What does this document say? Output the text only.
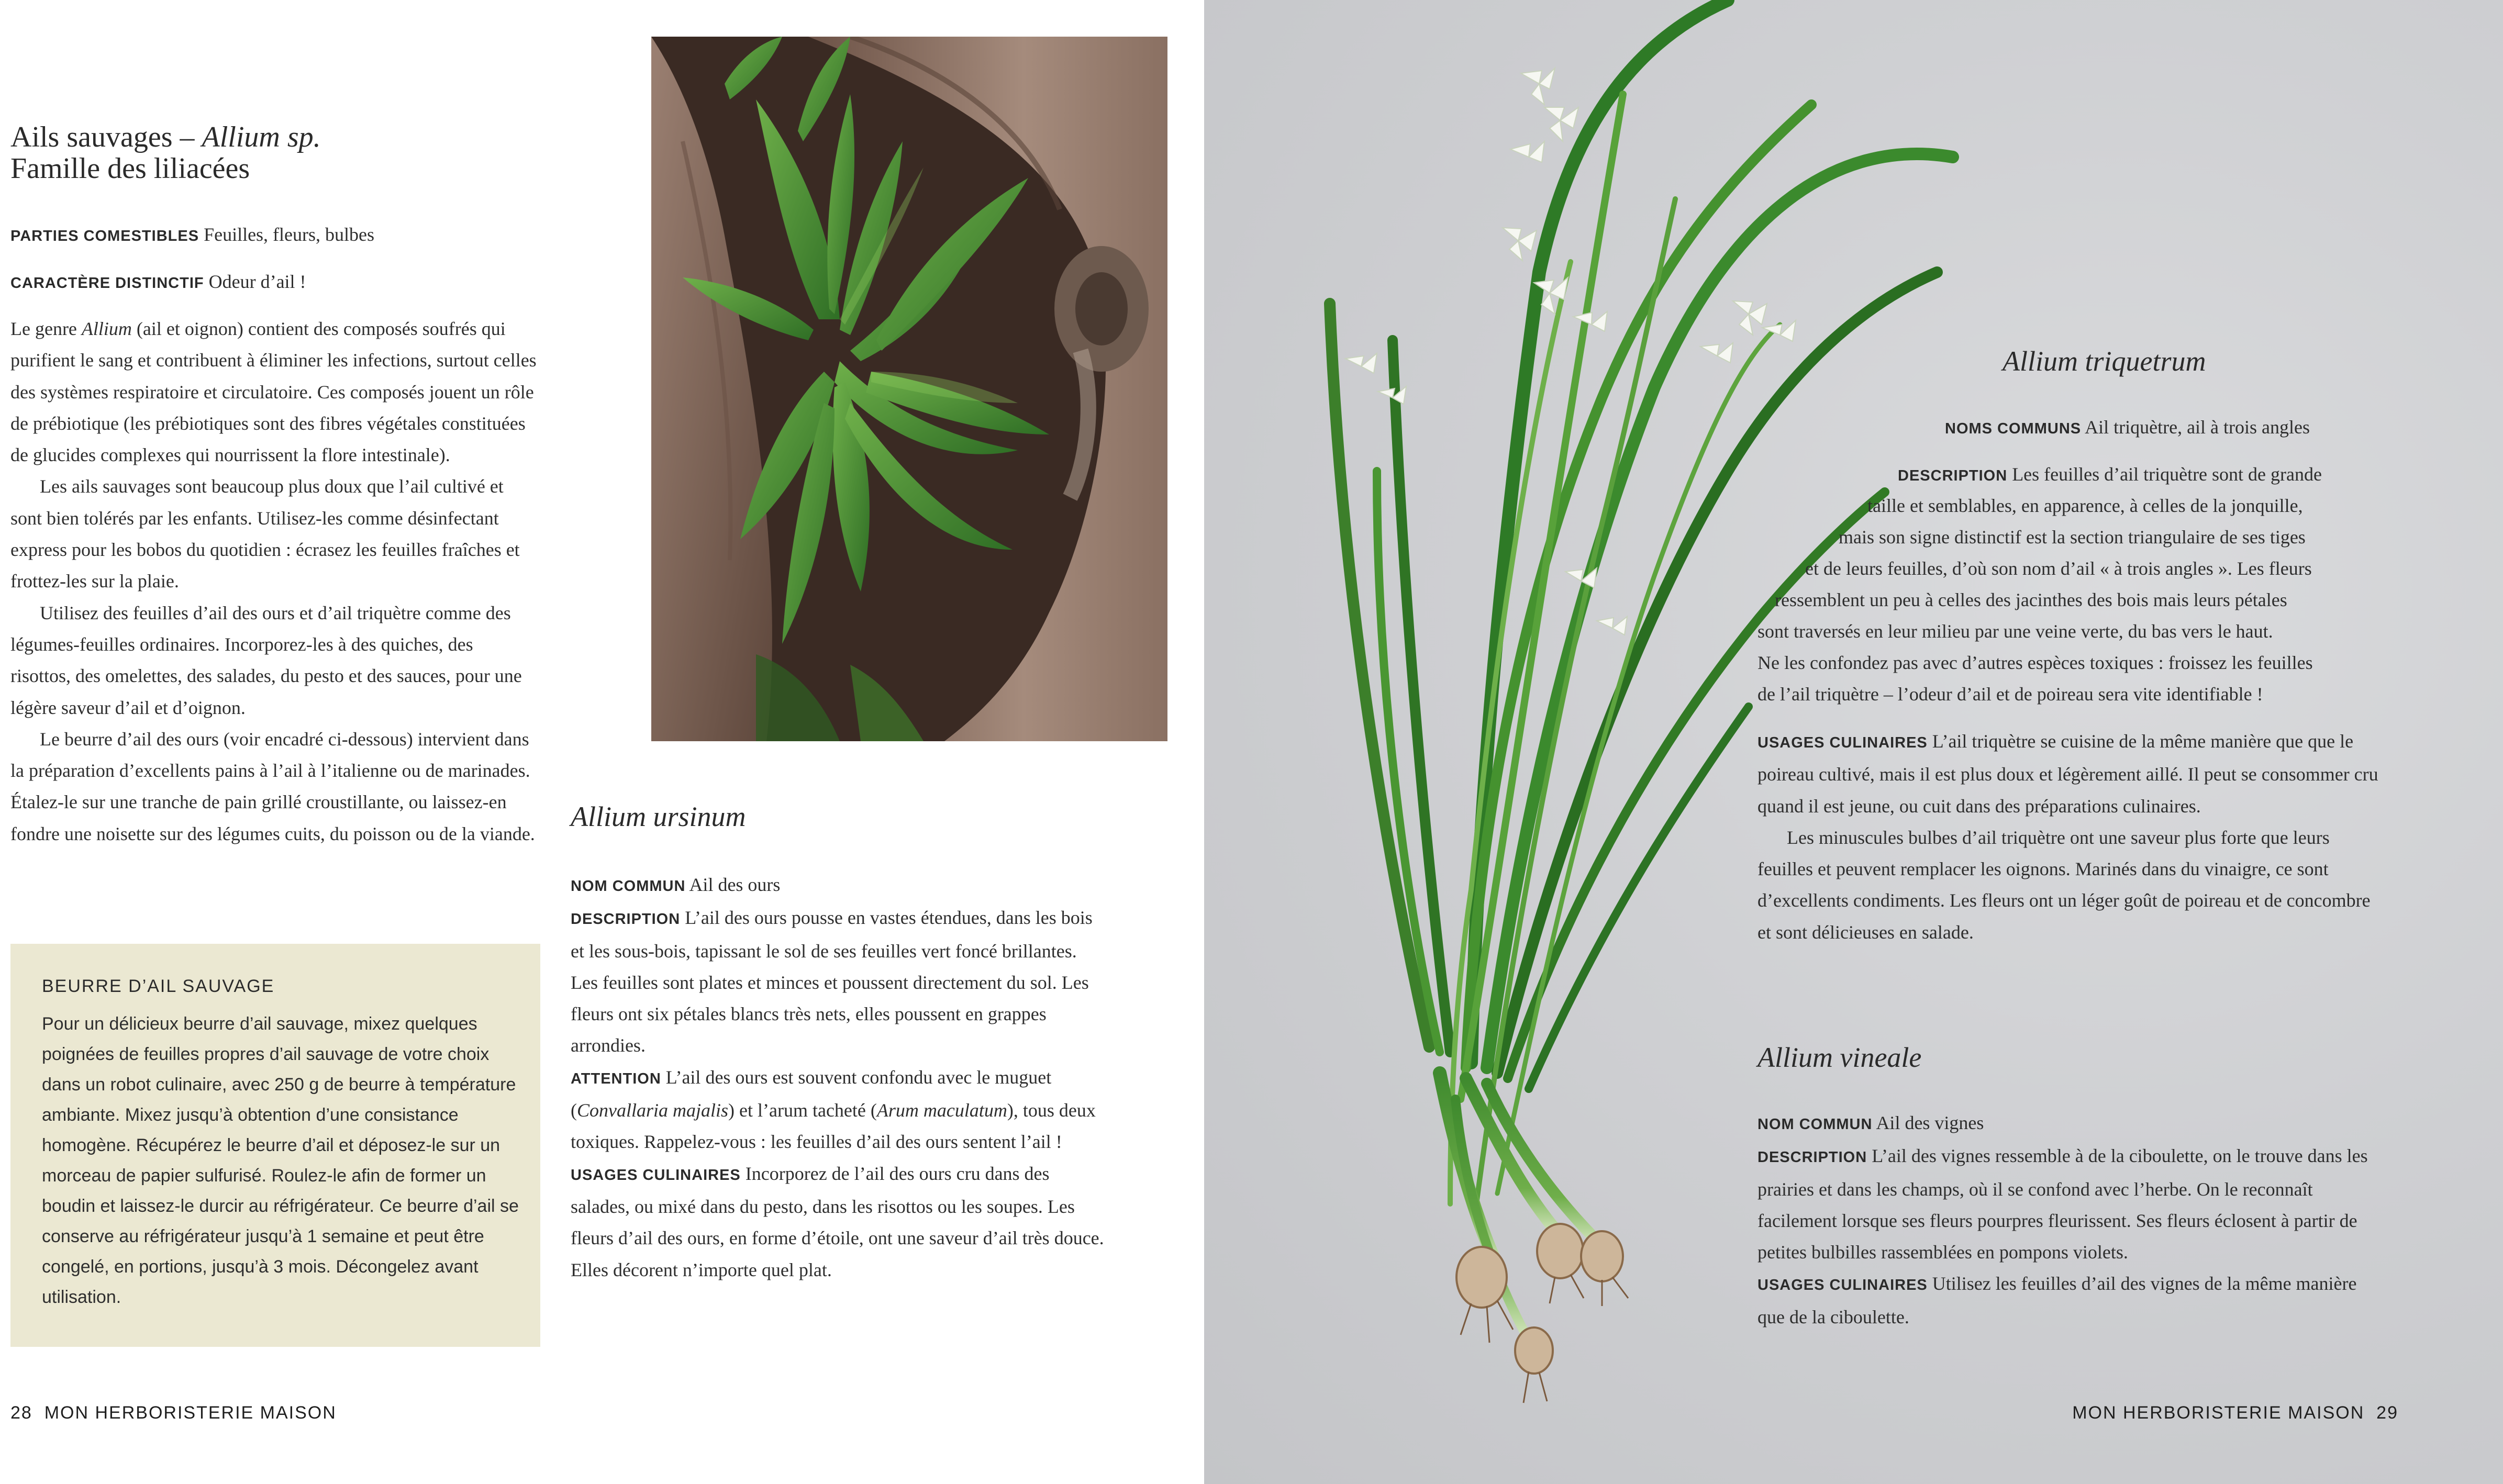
Ails sauvages – Allium sp.
Famille des liliacées
PARTIES COMESTIBLES Feuilles, fleurs, bulbes
CARACTÈRE DISTINCTIF Odeur d’ail !

Le genre Allium (ail et oignon) contient des composés soufrés qui purifient le sang et contribuent à éliminer les infections, surtout celles des systèmes respiratoire et circulatoire. Ces composés jouent un rôle de prébiotique (les prébiotiques sont des fibres végétales constituées de glucides complexes qui nourrissent la flore intestinale).

Les ails sauvages sont beaucoup plus doux que l’ail cultivé et sont bien tolérés par les enfants. Utilisez-les comme désinfectant express pour les bobos du quotidien : écrasez les feuilles fraîches et frottez-les sur la plaie.

Utilisez des feuilles d’ail des ours et d’ail triquètre comme des légumes-feuilles ordinaires. Incorporez-les à des quiches, des risottos, des omelettes, des salades, du pesto et des sauces, pour une légère saveur d’ail et d’oignon.

Le beurre d’ail des ours (voir encadré ci-dessous) intervient dans la préparation d’excellents pains à l’ail à l’italienne ou de marinades. Étalez-le sur une tranche de pain grillé croustillante, ou laissez-en fondre une noisette sur des légumes cuits, du poisson ou de la viande.

BEURRE D’AIL SAUVAGE
Pour un délicieux beurre d’ail sauvage, mixez quelques poignées de feuilles propres d’ail sauvage de votre choix dans un robot culinaire, avec 250 g de beurre à température ambiante. Mixez jusqu’à obtention d’une consistance homogène. Récupérez le beurre d’ail et déposez-le sur un morceau de papier sulfurisé. Roulez-le afin de former un boudin et laissez-le durcir au réfrigérateur. Ce beurre d’ail se conserve au réfrigérateur jusqu’à 1 semaine et peut être congelé, en portions, jusqu’à 3 mois. Décongelez avant utilisation.
Allium ursinum

NOM COMMUN Ail des ours

DESCRIPTION L’ail des ours pousse en vastes étendues, dans les bois et les sous-bois, tapissant le sol de ses feuilles vert foncé brillantes. Les feuilles sont plates et minces et poussent directement du sol. Les fleurs ont six pétales blancs très nets, elles poussent en grappes arrondies.

ATTENTION L’ail des ours est souvent confondu avec le muguet (Convallaria majalis) et l’arum tacheté (Arum maculatum), tous deux toxiques. Rappelez-vous : les feuilles d’ail des ours sentent l’ail !

USAGES CULINAIRES Incorporez de l’ail des ours cru dans des salades, ou mixé dans du pesto, dans les risottos ou les soupes. Les fleurs d’ail des ours, en forme d’étoile, ont une saveur d’ail très douce. Elles décorent n’importe quel plat.

28 MON HERBORISTERIE MAISON
Allium triquetrum
NOMS COMMUNS Ail triquètre, ail à trois angles
DESCRIPTION Les feuilles d’ail triquètre sont de grande
taille et semblables, en apparence, à celles de la jonquille,
mais son signe distinctif est la section triangulaire de ses tiges
et de leurs feuilles, d’où son nom d’ail « à trois angles ». Les fleurs
ressemblent un peu à celles des jacinthes des bois mais leurs pétales
sont traversés en leur milieu par une veine verte, du bas vers le haut.
Ne les confondez pas avec d’autres espèces toxiques : froissez les feuilles
de l’ail triquètre – l’odeur d’ail et de poireau sera vite identifiable !

USAGES CULINAIRES L’ail triquètre se cuisine de la même manière que que le poireau cultivé, mais il est plus doux et légèrement aillé. Il peut se consommer cru quand il est jeune, ou cuit dans des préparations culinaires.

Les minuscules bulbes d’ail triquètre ont une saveur plus forte que leurs feuilles et peuvent remplacer les oignons. Marinés dans du vinaigre, ce sont d’excellents condiments. Les fleurs ont un léger goût de poireau et de concombre et sont délicieuses en salade.

Allium vineale

NOM COMMUN Ail des vignes

DESCRIPTION L’ail des vignes ressemble à de la ciboulette, on le trouve dans les prairies et dans les champs, où il se confond avec l’herbe. On le reconnaît facilement lorsque ses fleurs pourpres fleurissent. Ses fleurs éclosent à partir de petites bulbilles rassemblées en pompons violets.

USAGES CULINAIRES Utilisez les feuilles d’ail des vignes de la même manière que de la ciboulette.

MON HERBORISTERIE MAISON 29
